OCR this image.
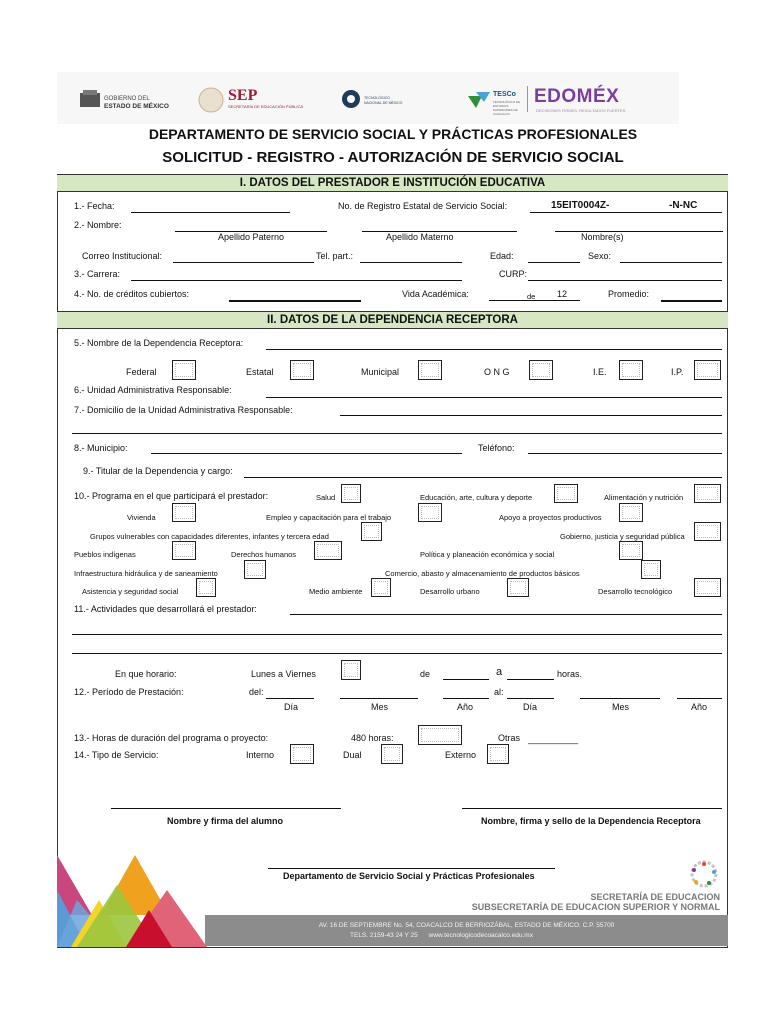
GOBIERNO DEL
ESTADO DE MÉXICO
SEP
SECRETARÍA DE EDUCACIÓN PÚBLICA
TECNOLÓGICO NACIONAL DE MÉXICO
TESCo
TECNOLÓGICO DE ESTUDIOS SUPERIORES DE COACALCO
EDOMÉX
DECISIONES FIRMES, RESULTADOS FUERTES.
DEPARTAMENTO DE SERVICIO SOCIAL Y PRÁCTICAS PROFESIONALES
SOLICITUD - REGISTRO - AUTORIZACIÓN DE SERVICIO SOCIAL
I. DATOS DEL PRESTADOR E INSTITUCIÓN EDUCATIVA
1.- Fecha:	No. de Registro Estatal de Servicio Social:	15EIT0004Z-	-N-NC
2.- Nombre:
Apellido Paterno	Apellido Materno	Nombre(s)
Correo Institucional:	Tel. part.:	Edad:	Sexo:
3.- Carrera:	CURP:
4.- No. de créditos cubiertos:	Vida Académica:	de 12	Promedio:
II. DATOS DE LA DEPENDENCIA RECEPTORA
5.- Nombre de la Dependencia Receptora:
Federal	Estatal	Municipal	O N G	I.E.	I.P.
6.- Unidad Administrativa Responsable:
7.- Domicilio de la Unidad Administrativa Responsable:
8.- Municipio:	Teléfono:
9.- Titular de la Dependencia y cargo:
10.- Programa en el que participará el prestador:	Salud	Educación, arte, cultura y deporte	Alimentación y nutrición
Vivienda	Empleo y capacitación para el trabajo	Apoyo a proyectos productivos
Grupos vulnerables con capacidades diferentes, infantes y tercera edad	Gobierno, justicia y seguridad pública
Pueblos indígenas	Derechos humanos	Política y planeación económica y social
Infraestructura hidráulica y de saneamiento	Comercio, abasto y almacenamiento de productos básicos
Asistencia y seguridad social	Medio ambiente	Desarrollo urbano	Desarrollo tecnológico
11.- Actividades que desarrollará el prestador:
En que horario:	Lunes a Viernes	de	a	horas.
12.- Período de Prestación:	del:	al:
Día	Mes	Año	Día	Mes	Año
13.- Horas de duración del programa o proyecto:	480 horas:	Otras __________
14.- Tipo de Servicio:	Interno	Dual	Externo
Nombre y firma del alumno	Nombre, firma y sello de la Dependencia Receptora
Departamento de Servicio Social y Prácticas Profesionales
SECRETARÍA DE EDUCACION
SUBSECRETARÍA DE EDUCACION SUPERIOR Y NORMAL
AV. 16 DE SEPTIEMBRE No. 54, COACALCO DE BERRIOZÁBAL, ESTADO DE MÉXICO. C.P. 55700
TELS. 2159-43 24 Y 25      www.tecnologicodecoacalco.edu.mx
